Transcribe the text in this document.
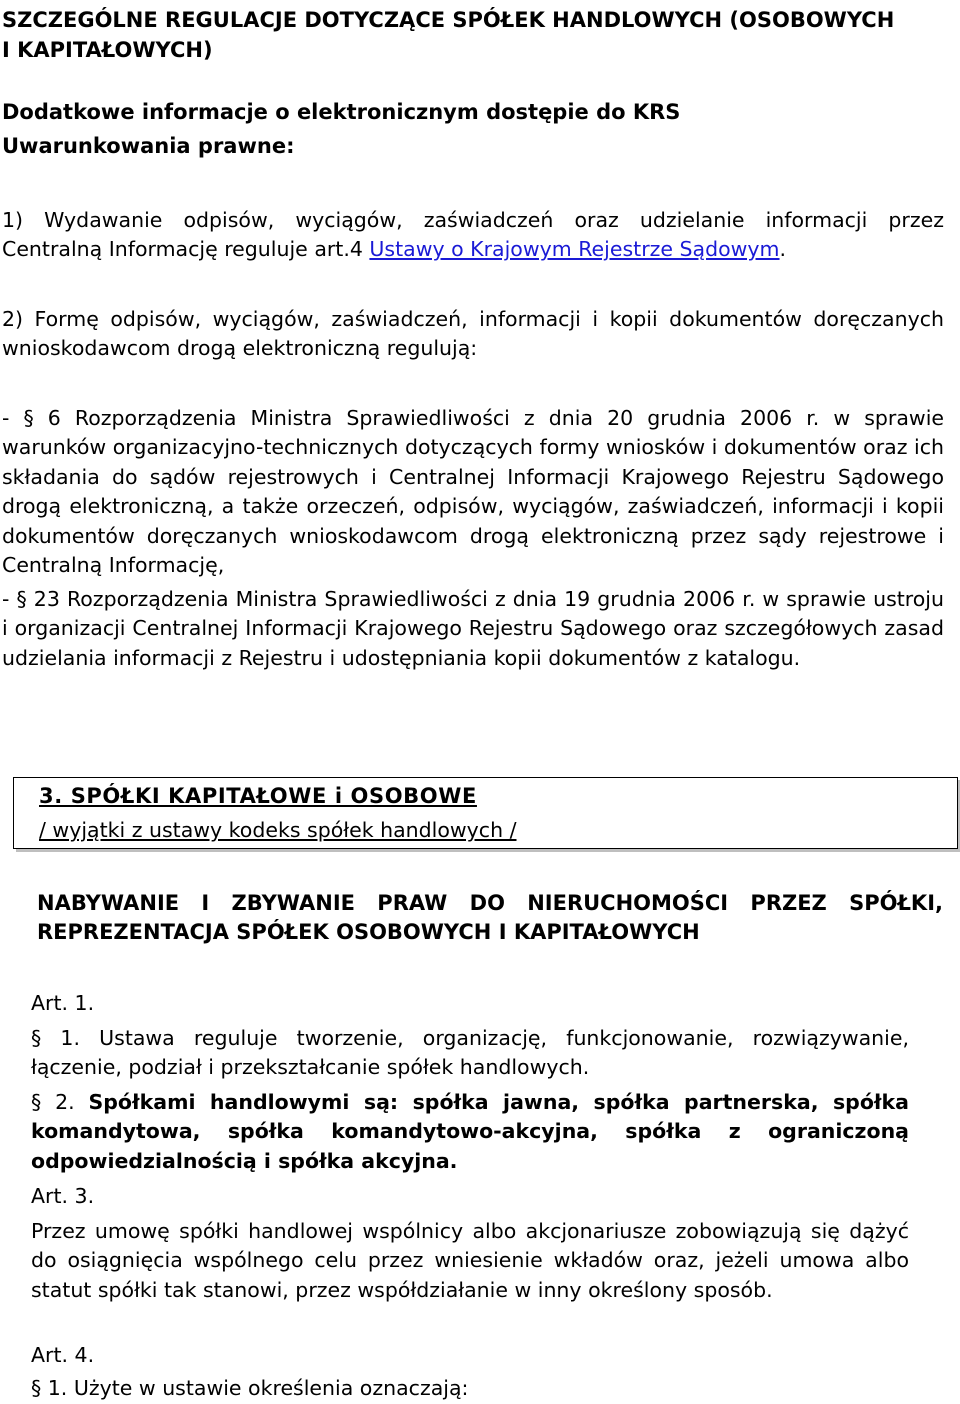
SZCZEGÓLNE REGULACJE DOTYCZĄCE SPÓŁEK HANDLOWYCH (OSOBOWYCH I KAPITAŁOWYCH)
Dodatkowe informacje o elektronicznym dostępie do KRS
Uwarunkowania prawne:
1) Wydawanie odpisów, wyciągów, zaświadczeń oraz udzielanie informacji przez
Centralną Informację reguluje art.4 Ustawy o Krajowym Rejestrze Sądowym.
2) Formę odpisów, wyciągów, zaświadczeń, informacji i kopii dokumentów doręczanych
wnioskodawcom drogą elektroniczną regulują:
- § 6 Rozporządzenia Ministra Sprawiedliwości z dnia 20 grudnia 2006 r. w sprawie warunków organizacyjno-technicznych dotyczących formy wniosków i dokumentów oraz ich składania do sądów rejestrowych i Centralnej Informacji Krajowego Rejestru Sądowego drogą elektroniczną, a także orzeczeń, odpisów, wyciągów, zaświadczeń, informacji i kopii dokumentów doręczanych wnioskodawcom drogą elektroniczną przez sądy rejestrowe i Centralną Informację,
- § 23 Rozporządzenia Ministra Sprawiedliwości z dnia 19 grudnia 2006 r. w sprawie ustroju i organizacji Centralnej Informacji Krajowego Rejestru Sądowego oraz szczegółowych zasad udzielania informacji z Rejestru i udostępniania kopii dokumentów z katalogu.
3. SPÓŁKI KAPITAŁOWE i OSOBOWE
/ wyjątki z ustawy kodeks spółek handlowych /
NABYWANIE I ZBYWANIE PRAW DO NIERUCHOMOŚCI PRZEZ SPÓŁKI,
REPREZENTACJA SPÓŁEK OSOBOWYCH I KAPITAŁOWYCH
Art. 1.
§ 1. Ustawa reguluje tworzenie, organizację, funkcjonowanie, rozwiązywanie, łączenie, podział i przekształcanie spółek handlowych.
§ 2. Spółkami handlowymi są: spółka jawna, spółka partnerska, spółka komandytowa, spółka komandytowo-akcyjna, spółka z ograniczoną odpowiedzialnością i spółka akcyjna.
Art. 3.
Przez umowę spółki handlowej wspólnicy albo akcjonariusze zobowiązują się dążyć do osiągnięcia wspólnego celu przez wniesienie wkładów oraz, jeżeli umowa albo statut spółki tak stanowi, przez współdziałanie w inny określony sposób.
Art. 4.
§ 1. Użyte w ustawie określenia oznaczają:
